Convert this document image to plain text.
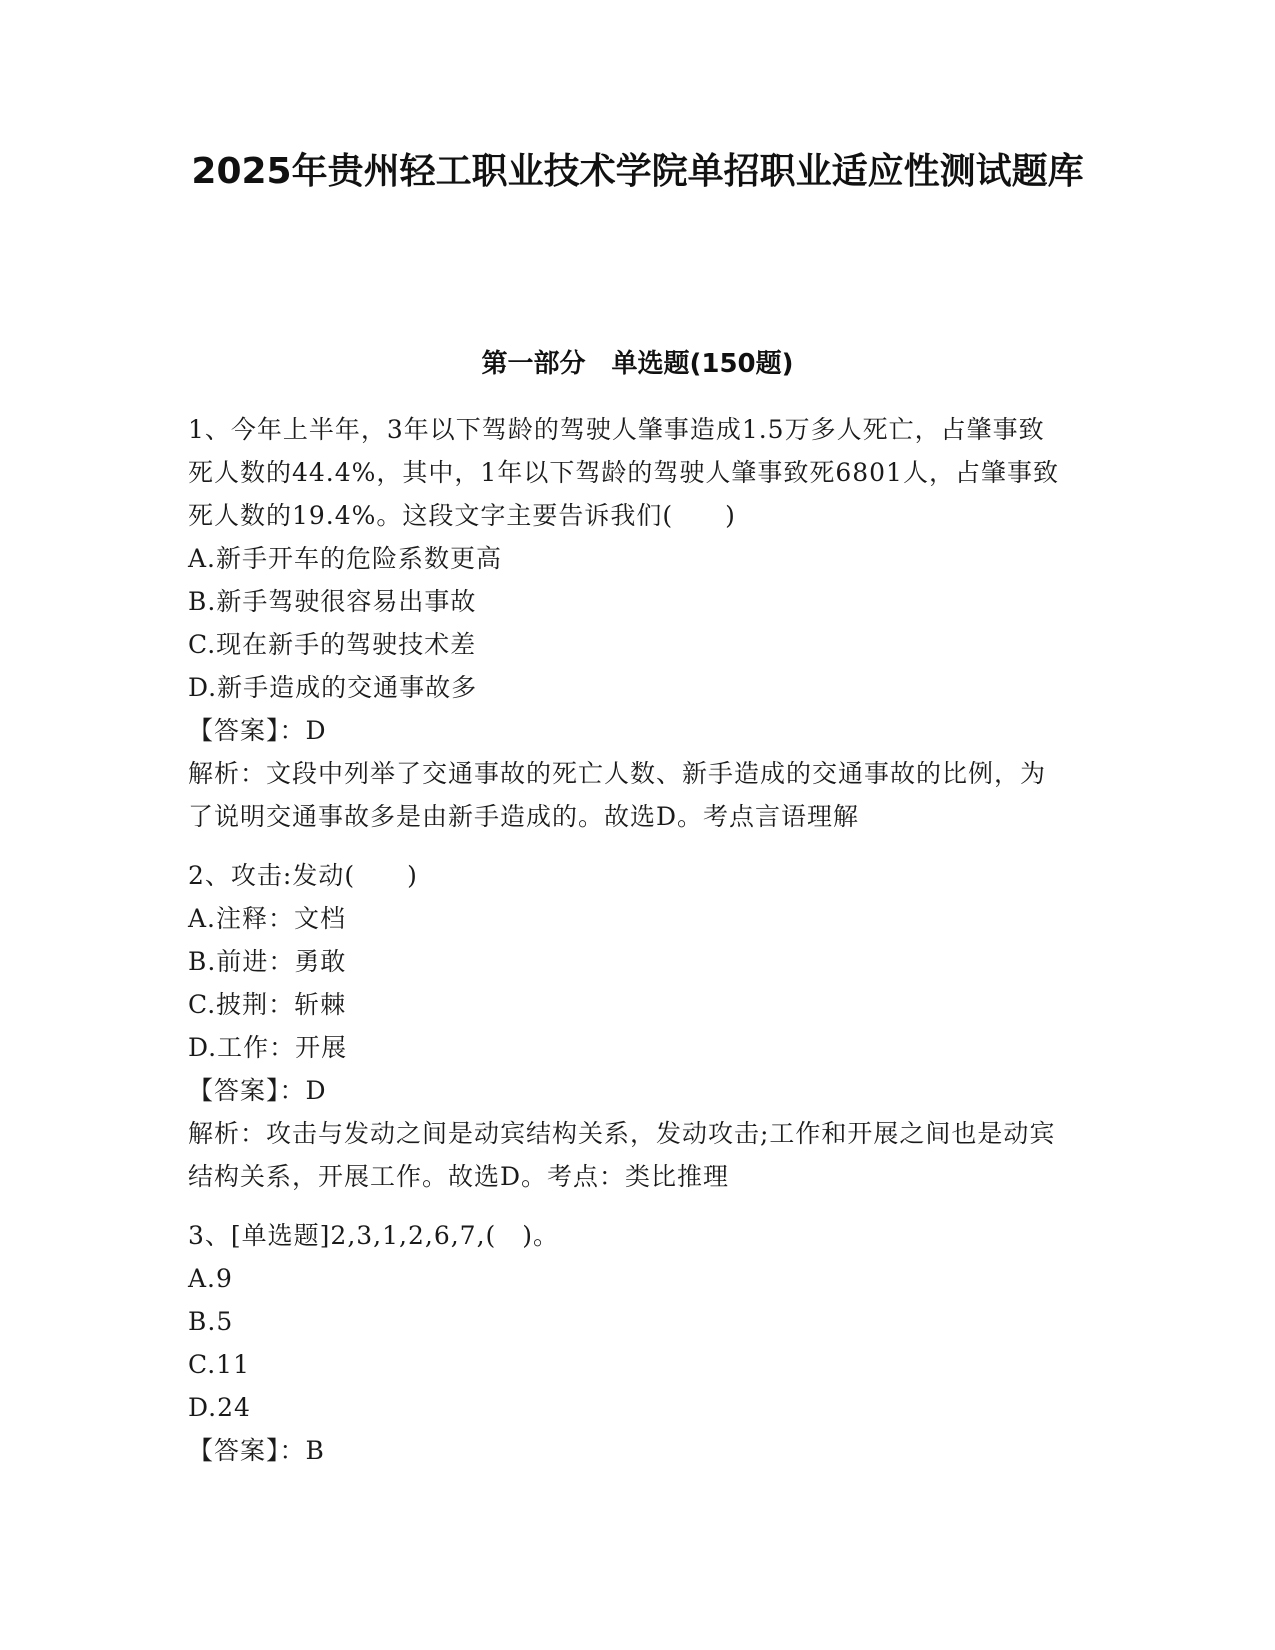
2025年贵州轻工职业技术学院单招职业适应性测试题库
第一部分　单选题(150题)
1、今年上半年，3年以下驾龄的驾驶人肇事造成1.5万多人死亡，占肇事致死人数的44.4%，其中，1年以下驾龄的驾驶人肇事致死6801人，占肇事致死人数的19.4%。这段文字主要告诉我们(　　)
A.新手开车的危险系数更高
B.新手驾驶很容易出事故
C.现在新手的驾驶技术差
D.新手造成的交通事故多
【答案】：D
解析：文段中列举了交通事故的死亡人数、新手造成的交通事故的比例，为了说明交通事故多是由新手造成的。故选D。考点言语理解
2、攻击:发动(　　)
A.注释：文档
B.前进：勇敢
C.披荆：斩棘
D.工作：开展
【答案】：D
解析：攻击与发动之间是动宾结构关系，发动攻击;工作和开展之间也是动宾结构关系，开展工作。故选D。考点：类比推理
3、[单选题]2,3,1,2,6,7,(　)。
A.9
B.5
C.11
D.24
【答案】：B
